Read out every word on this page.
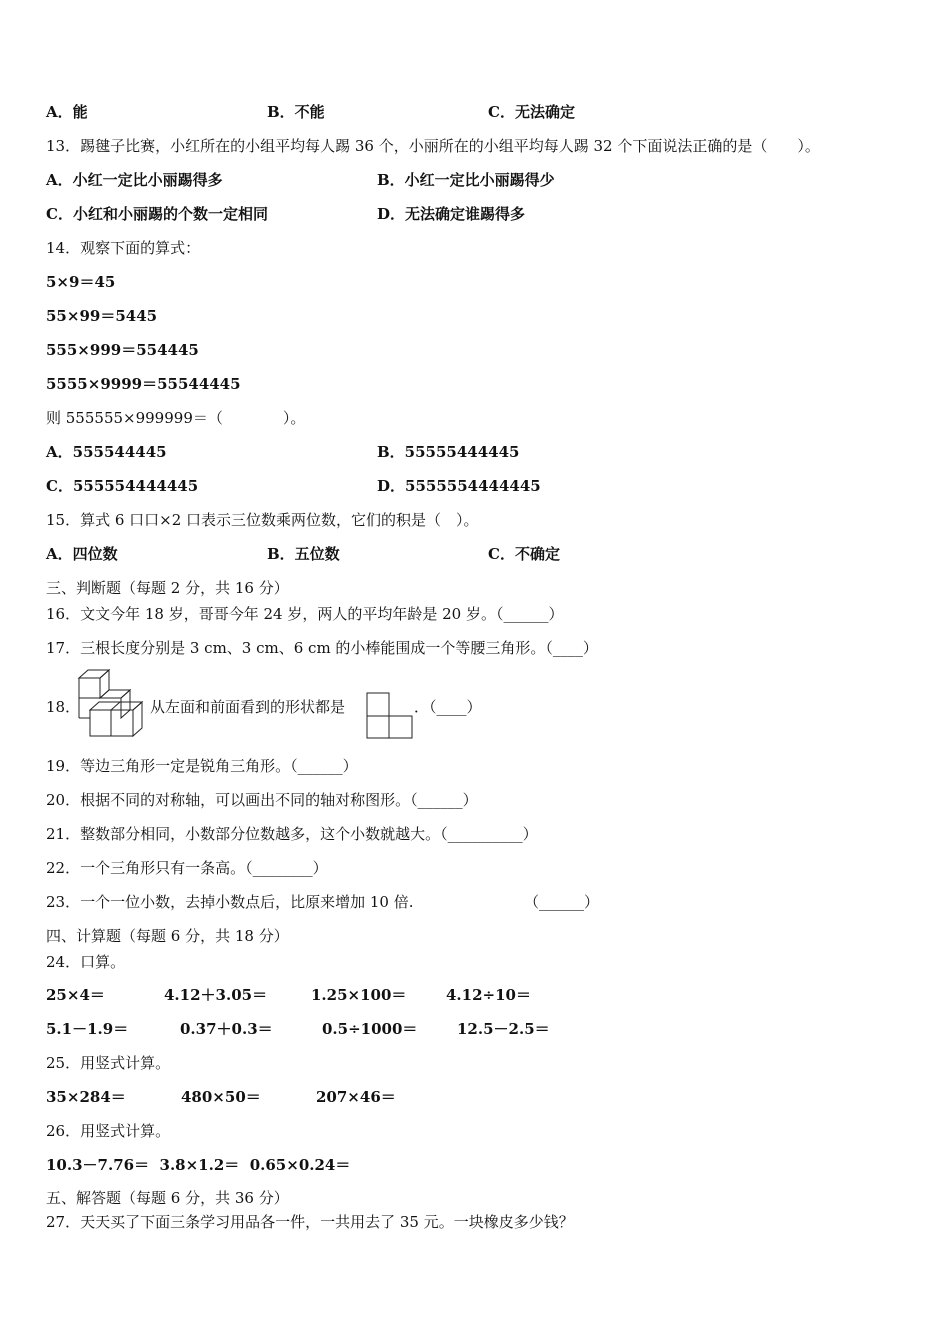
A．能	B．不能	C．无法确定
13．踢毽子比赛，小红所在的小组平均每人踢 36 个，小丽所在的小组平均每人踢 32 个下面说法正确的是（　　）。
A．小红一定比小丽踢得多	B．小红一定比小丽踢得少
C．小红和小丽踢的个数一定相同	D．无法确定谁踢得多
14．观察下面的算式：
5×9＝45
55×99＝5445
555×999＝554445
5555×9999＝55544445
则 555555×999999＝（　　　　）。
A．555544445	B．55555444445
C．555554444445	D．5555554444445
15．算式 6 口口×2 口表示三位数乘两位数，它们的积是（　）。
A．四位数	B．五位数	C．不确定
三、判断题（每题 2 分，共 16 分）
16．文文今年 18 岁，哥哥今年 24 岁，两人的平均年龄是 20 岁。（______）
17．三根长度分别是 3 cm、3 cm、6 cm 的小棒能围成一个等腰三角形。（____）
18．	从左面和前面看到的形状都是	．（____）
19．等边三角形一定是锐角三角形。（______）
20．根据不同的对称轴，可以画出不同的轴对称图形。（______）
21．整数部分相同，小数部分位数越多，这个小数就越大。（__________）
22．一个三角形只有一条高。（________）
23．一个一位小数，去掉小数点后，比原来增加 10 倍.	（______）
四、计算题（每题 6 分，共 18 分）
24．口算。
25×4＝	4.12＋3.05＝	1.25×100＝	4.12÷10＝
5.1－1.9＝	0.37＋0.3＝	0.5÷1000＝	12.5－2.5＝
25．用竖式计算。
35×284＝	480×50＝	207×46＝
26．用竖式计算。
10.3－7.76＝  3.8×1.2＝  0.65×0.24＝
五、解答题（每题 6 分，共 36 分）
27．天天买了下面三条学习用品各一件，一共用去了 35 元。一块橡皮多少钱？
